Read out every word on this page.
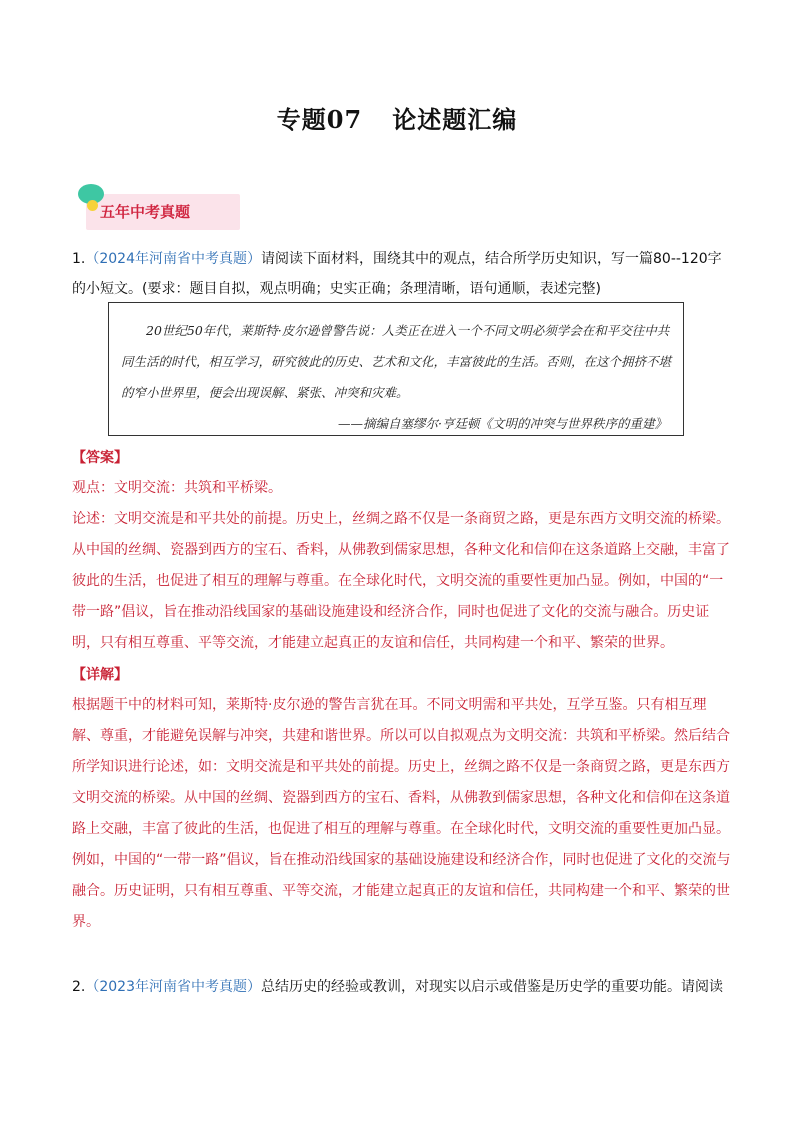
专题07 论述题汇编
五年中考真题
1.（2024年河南省中考真题）请阅读下面材料，围绕其中的观点，结合所学历史知识，写一篇80--120字
的小短文。(要求：题目自拟，观点明确；史实正确；条理清晰，语句通顺，表述完整)
20世纪50年代，莱斯特·皮尔逊曾警告说：人类正在进入一个不同文明必须学会在和平交往中共同生活的时代，相互学习，研究彼此的历史、艺术和文化，丰富彼此的生活。否则，在这个拥挤不堪的窄小世界里，便会出现误解、紧张、冲突和灾难。
——摘编自塞缪尔·亨廷顿《文明的冲突与世界秩序的重建》
【答案】

观点：文明交流：共筑和平桥梁。

论述：文明交流是和平共处的前提。历史上，丝绸之路不仅是一条商贸之路，更是东西方文明交流的桥梁。从中国的丝绸、瓷器到西方的宝石、香料，从佛教到儒家思想，各种文化和信仰在这条道路上交融，丰富了彼此的生活，也促进了相互的理解与尊重。在全球化时代，文明交流的重要性更加凸显。例如，中国的“一带一路”倡议，旨在推动沿线国家的基础设施建设和经济合作，同时也促进了文化的交流与融合。历史证明，只有相互尊重、平等交流，才能建立起真正的友谊和信任，共同构建一个和平、繁荣的世界。

【详解】

根据题干中的材料可知，莱斯特·皮尔逊的警告言犹在耳。不同文明需和平共处，互学互鉴。只有相互理解、尊重，才能避免误解与冲突，共建和谐世界。所以可以自拟观点为文明交流：共筑和平桥梁。然后结合所学知识进行论述，如：文明交流是和平共处的前提。历史上，丝绸之路不仅是一条商贸之路，更是东西方文明交流的桥梁。从中国的丝绸、瓷器到西方的宝石、香料，从佛教到儒家思想，各种文化和信仰在这条道路上交融，丰富了彼此的生活，也促进了相互的理解与尊重。在全球化时代，文明交流的重要性更加凸显。例如，中国的“一带一路”倡议，旨在推动沿线国家的基础设施建设和经济合作，同时也促进了文化的交流与融合。历史证明，只有相互尊重、平等交流，才能建立起真正的友谊和信任，共同构建一个和平、繁荣的世界。

2.（2023年河南省中考真题）总结历史的经验或教训，对现实以启示或借鉴是历史学的重要功能。请阅读
